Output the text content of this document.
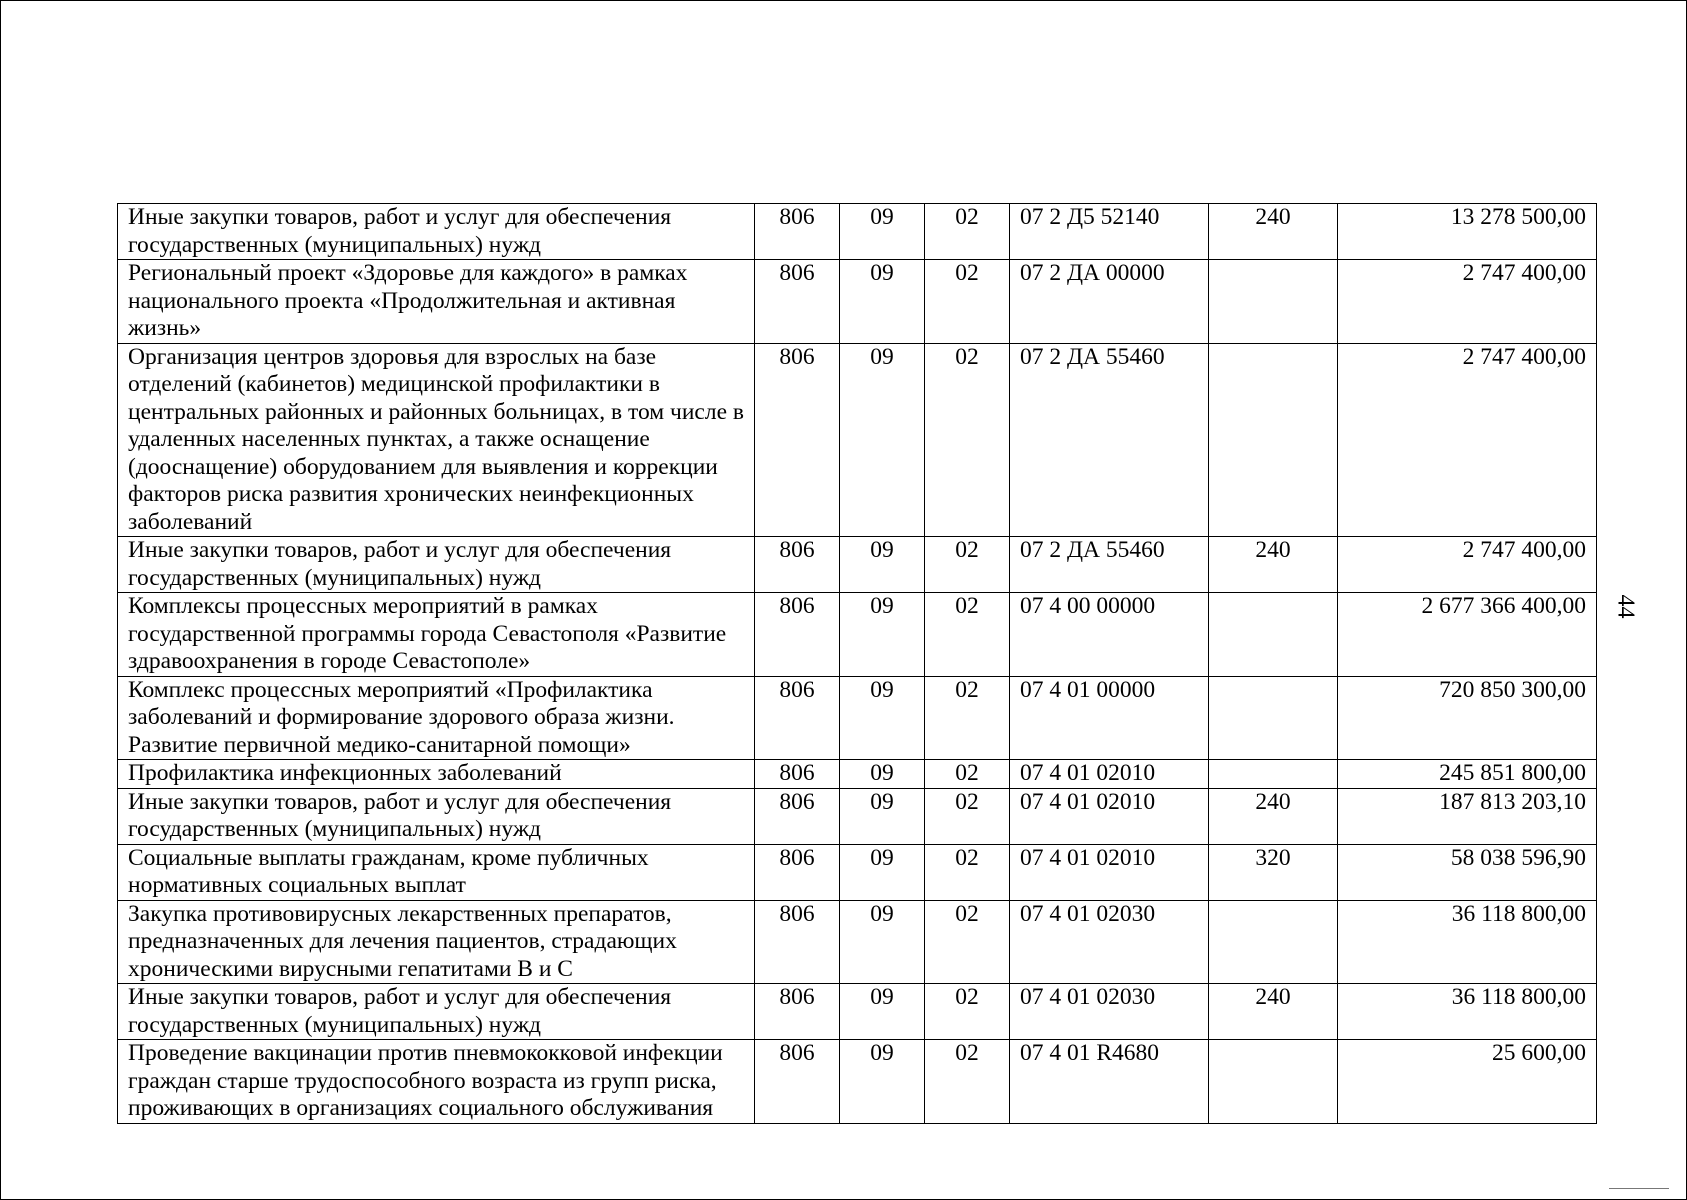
Иные закупки товаров, работ и услуг для обеспечения государственных (муниципальных) нужд	806	09	02	07 2 Д5 52140	240	13 278 500,00
Региональный проект «Здоровье для каждого» в рамках национального проекта «Продолжительная и активная жизнь»	806	09	02	07 2 ДА 00000		2 747 400,00
Организация центров здоровья для взрослых на базе отделений (кабинетов) медицинской профилактики в центральных районных и районных больницах, в том числе в удаленных населенных пунктах, а также оснащение (дооснащение) оборудованием для выявления и коррекции факторов риска развития хронических неинфекционных заболеваний	806	09	02	07 2 ДА 55460		2 747 400,00
Иные закупки товаров, работ и услуг для обеспечения государственных (муниципальных) нужд	806	09	02	07 2 ДА 55460	240	2 747 400,00
Комплексы процессных мероприятий в рамках государственной программы города Севастополя «Развитие здравоохранения в городе Севастополе»	806	09	02	07 4 00 00000		2 677 366 400,00
Комплекс процессных мероприятий «Профилактика заболеваний и формирование здорового образа жизни. Развитие первичной медико-санитарной помощи»	806	09	02	07 4 01 00000		720 850 300,00
Профилактика инфекционных заболеваний	806	09	02	07 4 01 02010		245 851 800,00
Иные закупки товаров, работ и услуг для обеспечения государственных (муниципальных) нужд	806	09	02	07 4 01 02010	240	187 813 203,10
Социальные выплаты гражданам, кроме публичных нормативных социальных выплат	806	09	02	07 4 01 02010	320	58 038 596,90
Закупка противовирусных лекарственных препаратов, предназначенных для лечения пациентов, страдающих хроническими вирусными гепатитами В и С	806	09	02	07 4 01 02030		36 118 800,00
Иные закупки товаров, работ и услуг для обеспечения государственных (муниципальных) нужд	806	09	02	07 4 01 02030	240	36 118 800,00
Проведение вакцинации против пневмококковой инфекции граждан старше трудоспособного возраста из групп риска, проживающих в организациях социального обслуживания	806	09	02	07 4 01 R4680		25 600,00
44
